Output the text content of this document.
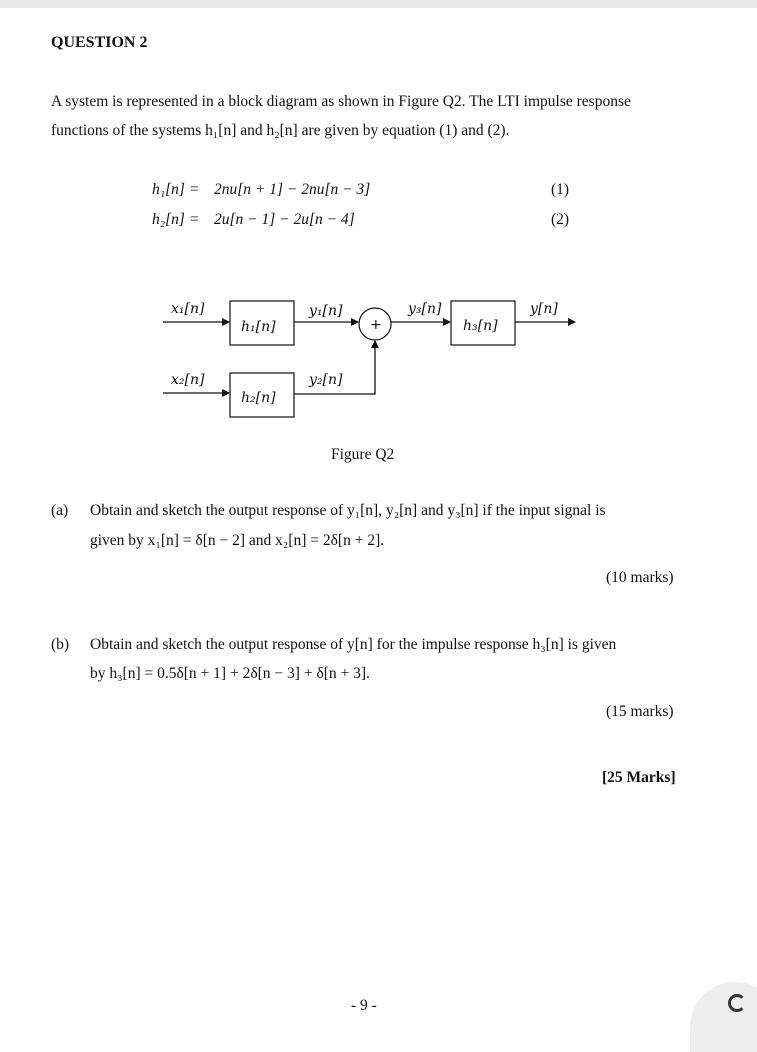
QUESTION 2
A system is represented in a block diagram as shown in Figure Q2. The LTI impulse response
functions of the systems h₁[n] and h₂[n] are given by equation (1) and (2).
h₁[n] = 2nu[n + 1] − 2nu[n − 3]	(1)
h₂[n] = 2u[n − 1] − 2u[n − 4]	(2)
x₁[n]
h₁[n]
y₁[n]
+
y₃[n]
h₃[n]
y[n]
x₂[n]
h₂[n]
y₂[n]
Figure Q2
(a) Obtain and sketch the output response of y₁[n], y₂[n] and y₃[n] if the input signal is
given by x₁[n] = δ[n − 2] and x₂[n] = 2δ[n + 2].
(10 marks)
(b) Obtain and sketch the output response of y[n] for the impulse response h₃[n] is given
by h₃[n] = 0.5δ[n + 1] + 2δ[n − 3] + δ[n + 3].
(15 marks)
[25 Marks]
- 9 -
